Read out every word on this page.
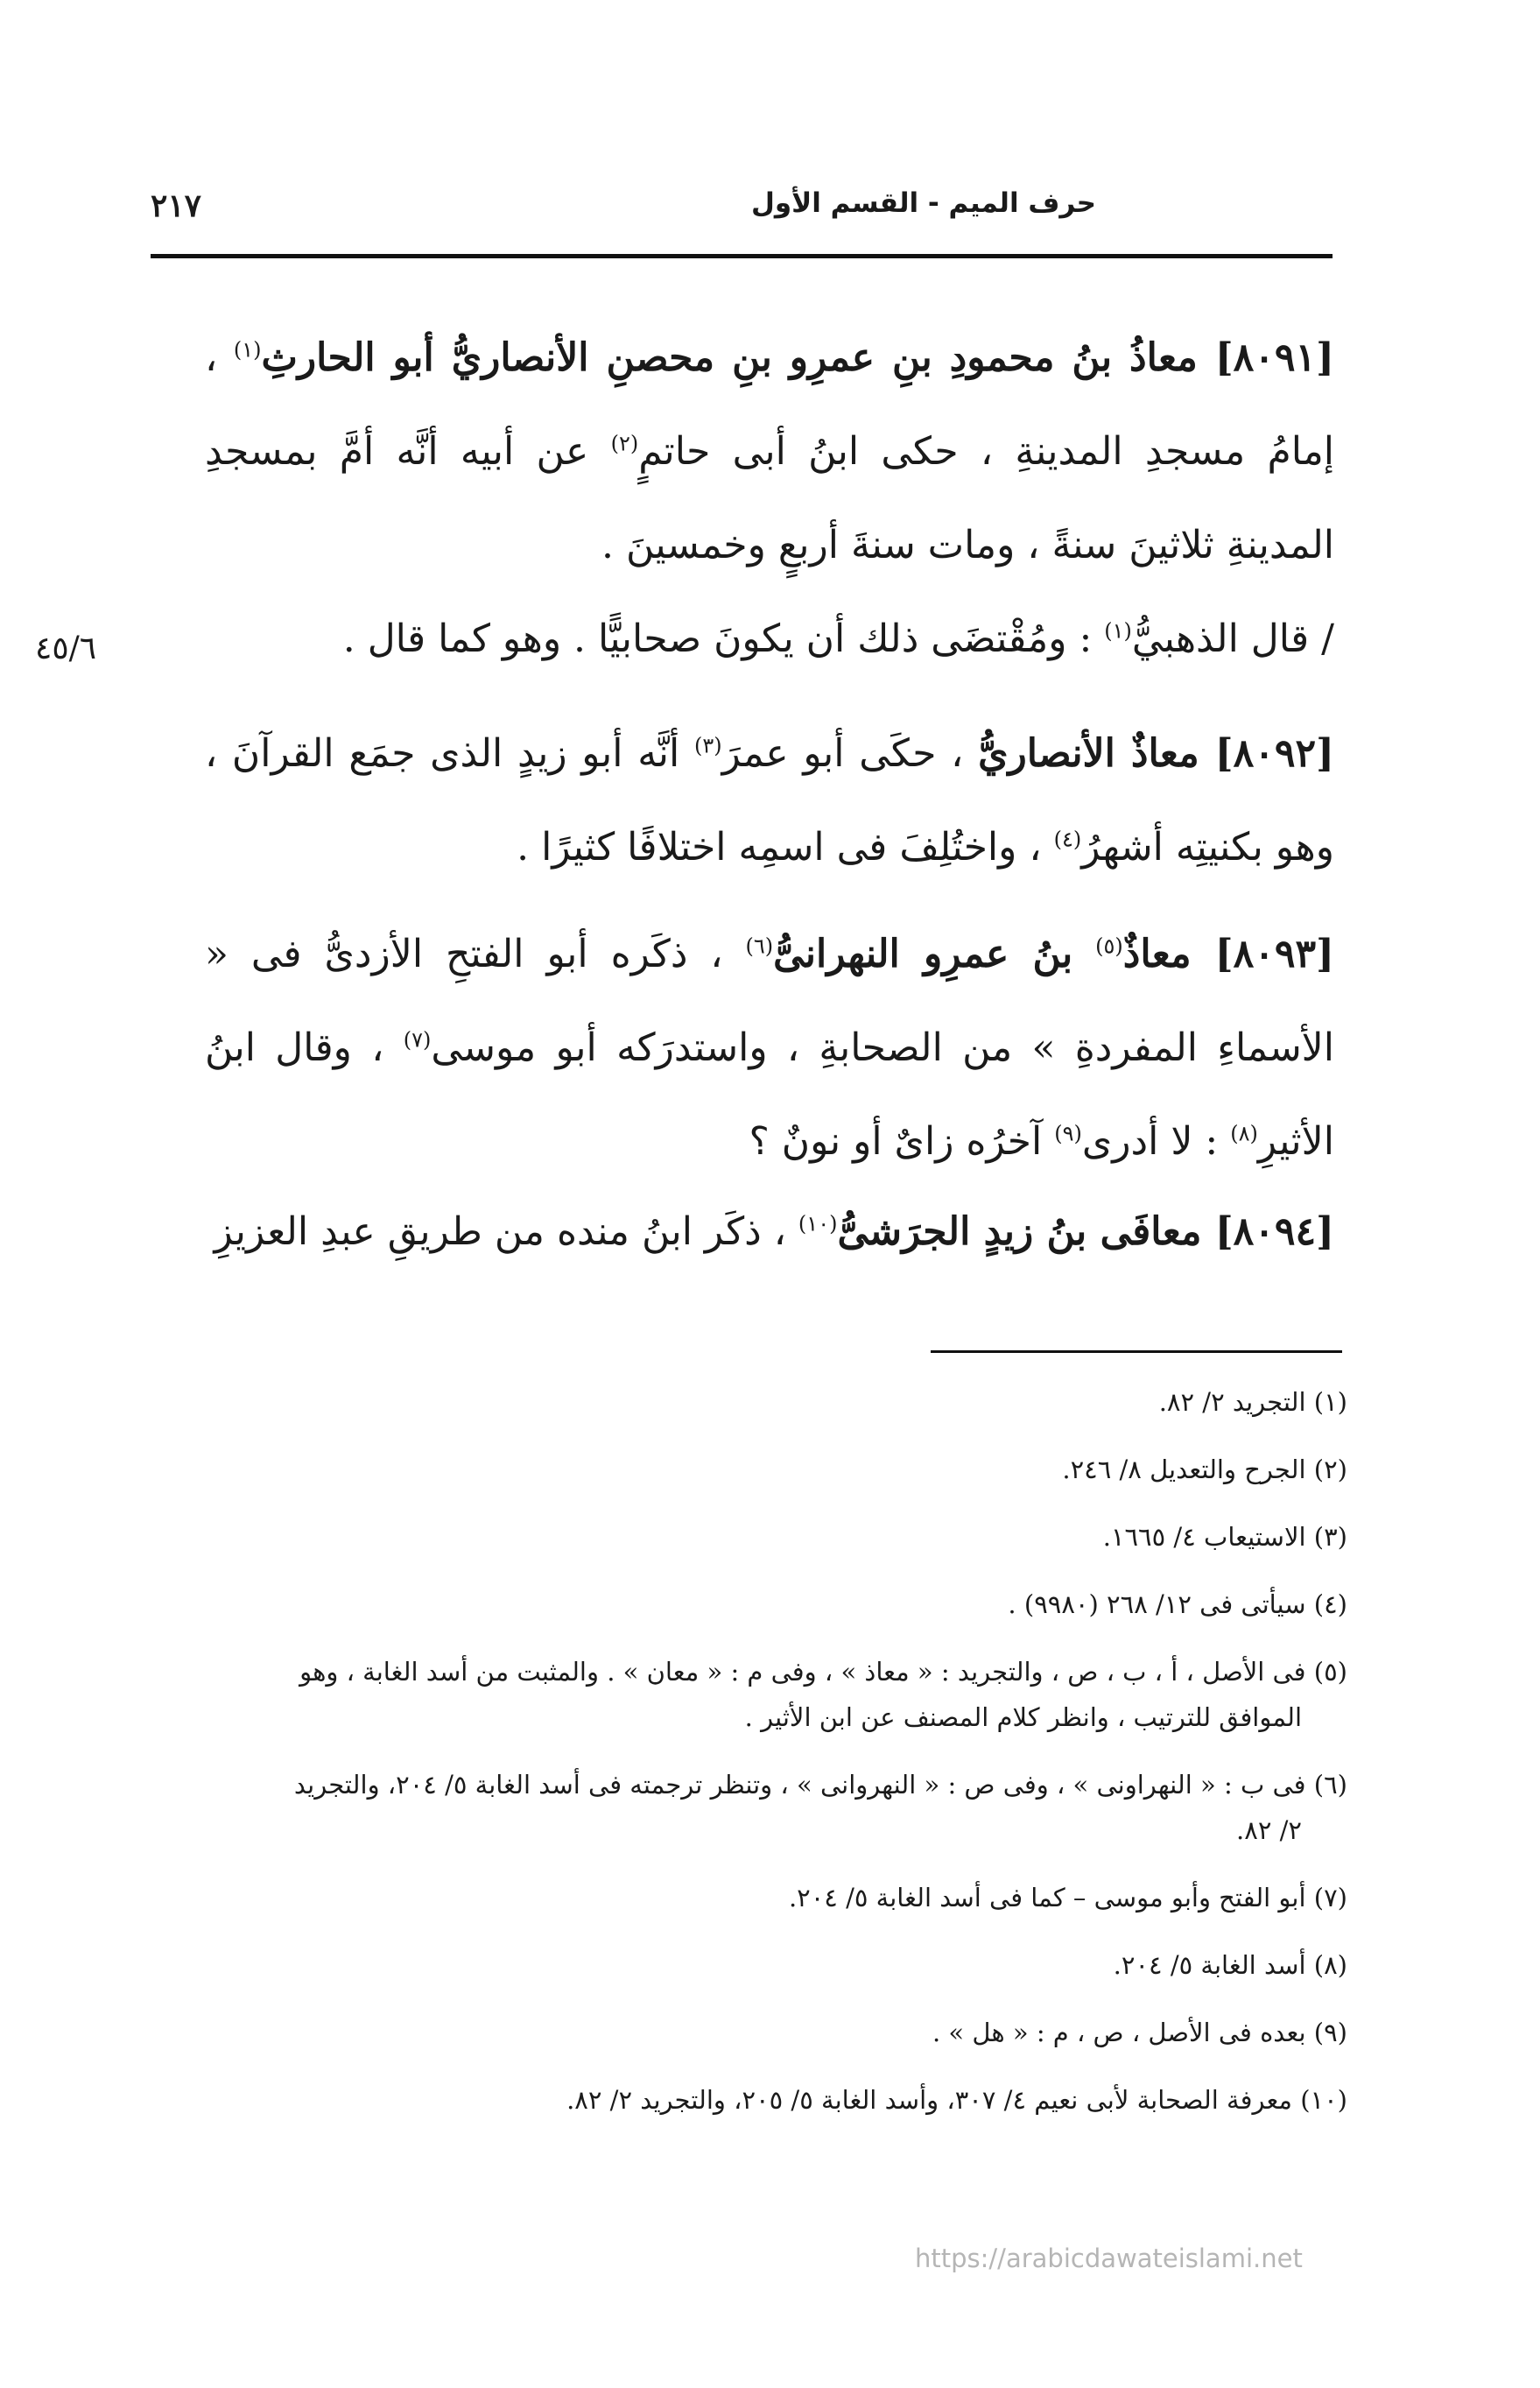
حرف الميم - القسم الأول
٢١٧
٤٥/٦

[٨٠٩١] معاذُ بنُ محمودِ بنِ عمرِو بنِ محصنِ الأنصاريُّ أبو الحارثِ$^{(١)}$ ، إمامُ مسجدِ المدينةِ ، حكى ابنُ أبى حاتمٍ$^{(٢)}$ عن أبيه أنَّه أمَّ بمسجدِ المدينةِ ثلاثينَ سنةً ، ومات سنةَ أربعٍ وخمسينَ .

/ قال الذهبيُّ$^{(١)}$ : ومُقْتضَى ذلك أن يكونَ صحابيًّا . وهو كما قال .

[٨٠٩٢] معاذٌ الأنصاريُّ ، حكَى أبو عمرَ$^{(٣)}$ أنَّه أبو زيدٍ الذى جمَع القرآنَ ، وهو بكنيتِه أشهرُ$^{(٤)}$ ، واختُلِفَ فى اسمِه اختلافًا كثيرًا .

[٨٠٩٣] معاذٌ$^{(٥)}$ بنُ عمرِو النهرانىُّ$^{(٦)}$ ، ذكَره أبو الفتحِ الأزدىُّ فى « الأسماءِ المفردةِ » من الصحابةِ ، واستدرَكه أبو موسى$^{(٧)}$ ، وقال ابنُ الأثيرِ$^{(٨)}$ : لا أدرى$^{(٩)}$ آخرُه زاىٌ أو نونٌ ؟

[٨٠٩٤] معافَى بنُ زيدٍ الجرَشىُّ$^{(١٠)}$ ، ذكَر ابنُ منده من طريقِ عبدِ العزيزِ

(١) التجريد ٢/ ٨٢.

(٢) الجرح والتعديل ٨/ ٢٤٦.

(٣) الاستيعاب ٤/ ١٦٦٥.

(٤) سيأتى فى ١٢/ ٢٦٨ (٩٩٨٠) .

(٥) فى الأصل ، أ ، ب ، ص ، والتجريد : « معاذ » ، وفى م : « معان » . والمثبت من أسد الغابة ، وهو
الموافق للترتيب ، وانظر كلام المصنف عن ابن الأثير .

(٦) فى ب : « النهراونى » ، وفى ص : « النهروانى » ، وتنظر ترجمته فى أسد الغابة ٥/ ٢٠٤، والتجريد
٢/ ٨٢.

(٧) أبو الفتح وأبو موسى – كما فى أسد الغابة ٥/ ٢٠٤.

(٨) أسد الغابة ٥/ ٢٠٤.

(٩) بعده فى الأصل ، ص ، م : « هل » .

(١٠) معرفة الصحابة لأبى نعيم ٤/ ٣٠٧، وأسد الغابة ٥/ ٢٠٥، والتجريد ٢/ ٨٢.

https://arabicdawateislami.net
